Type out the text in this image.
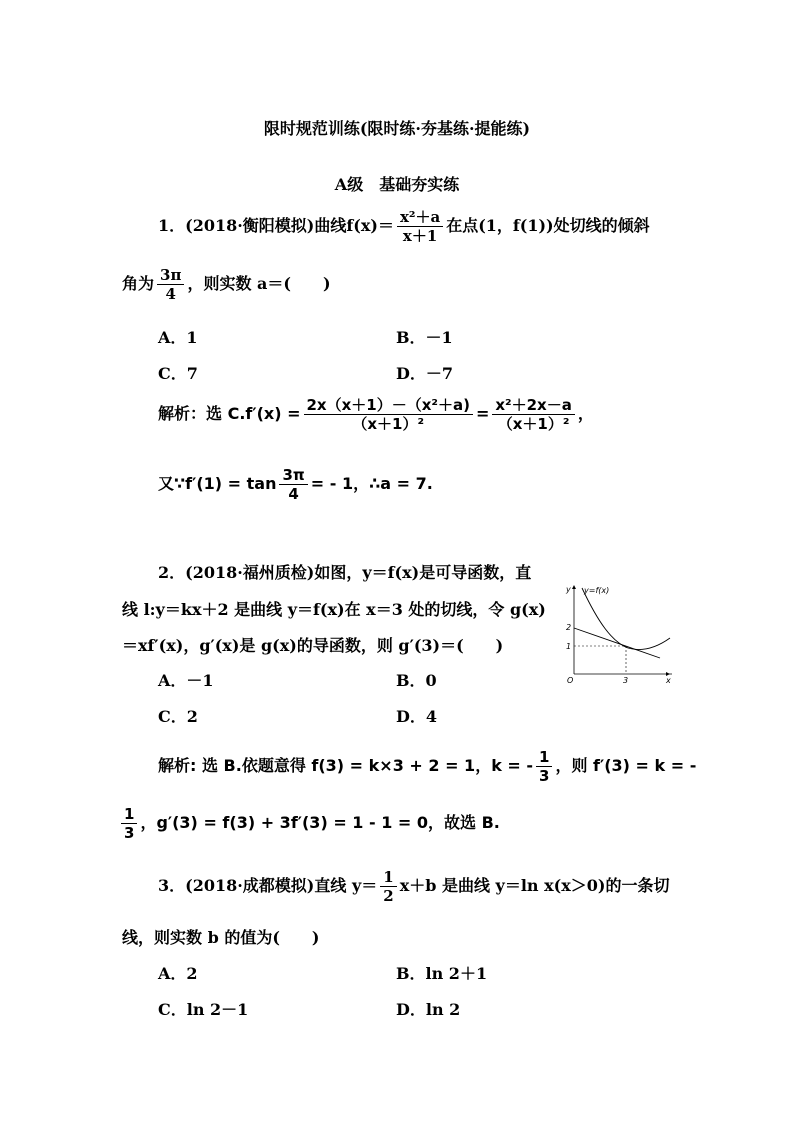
限时规范训练(限时练·夯基练·提能练)
A级　基础夯实练
1．(2018·衡阳模拟)曲线$f(x)= \frac{\text{x²＋a}}{x+1}$ 在点(1，f(1))处切线的倾斜
角为 $\frac{3\pi}{4}$ ，则实数 a＝(　　)
A．1	B．－1
C．7	D．－7
解析：选 $C.f'(x) = \frac{\text{2x（x＋1）－（x²＋a)}}{\text{（x＋1）²}} = \frac{\text{x²＋2x－a}}{\text{（x＋1）²}}$ ，
又∵f′(1) = $\tan \frac{3\pi}{4}$ = ‐ 1，∴a = 7.
2．(2018·福州质检)如图，y＝f(x)是可导函数，直
线 l:y＝kx＋2 是曲线 y＝f(x)在 x＝3 处的切线，令 g(x)
＝xf′(x)，g′(x)是 g(x)的导函数，则 g′(3)＝(　　)
A．－1	B．0
C．2	D．4
y=f(x)
y
x
O
2
1
3
解析: 选 B.依题意得 f(3) = k×3 + 2 = 1，k = ‐ $\frac{1}{3}$ ，则 f′(3) = k = ‐
$\frac{1}{3}$ ，g′(3) = f(3) + 3f′(3) = 1 ‐ 1 = 0，故选 B.
3．(2018·成都模拟)直线 $y= \frac{1}{2} x+b$ 是曲线 y＝ln x(x＞0)的一条切
线，则实数 b 的值为(　　)
A．2	B．ln 2＋1
C．ln 2－1	D．ln 2
